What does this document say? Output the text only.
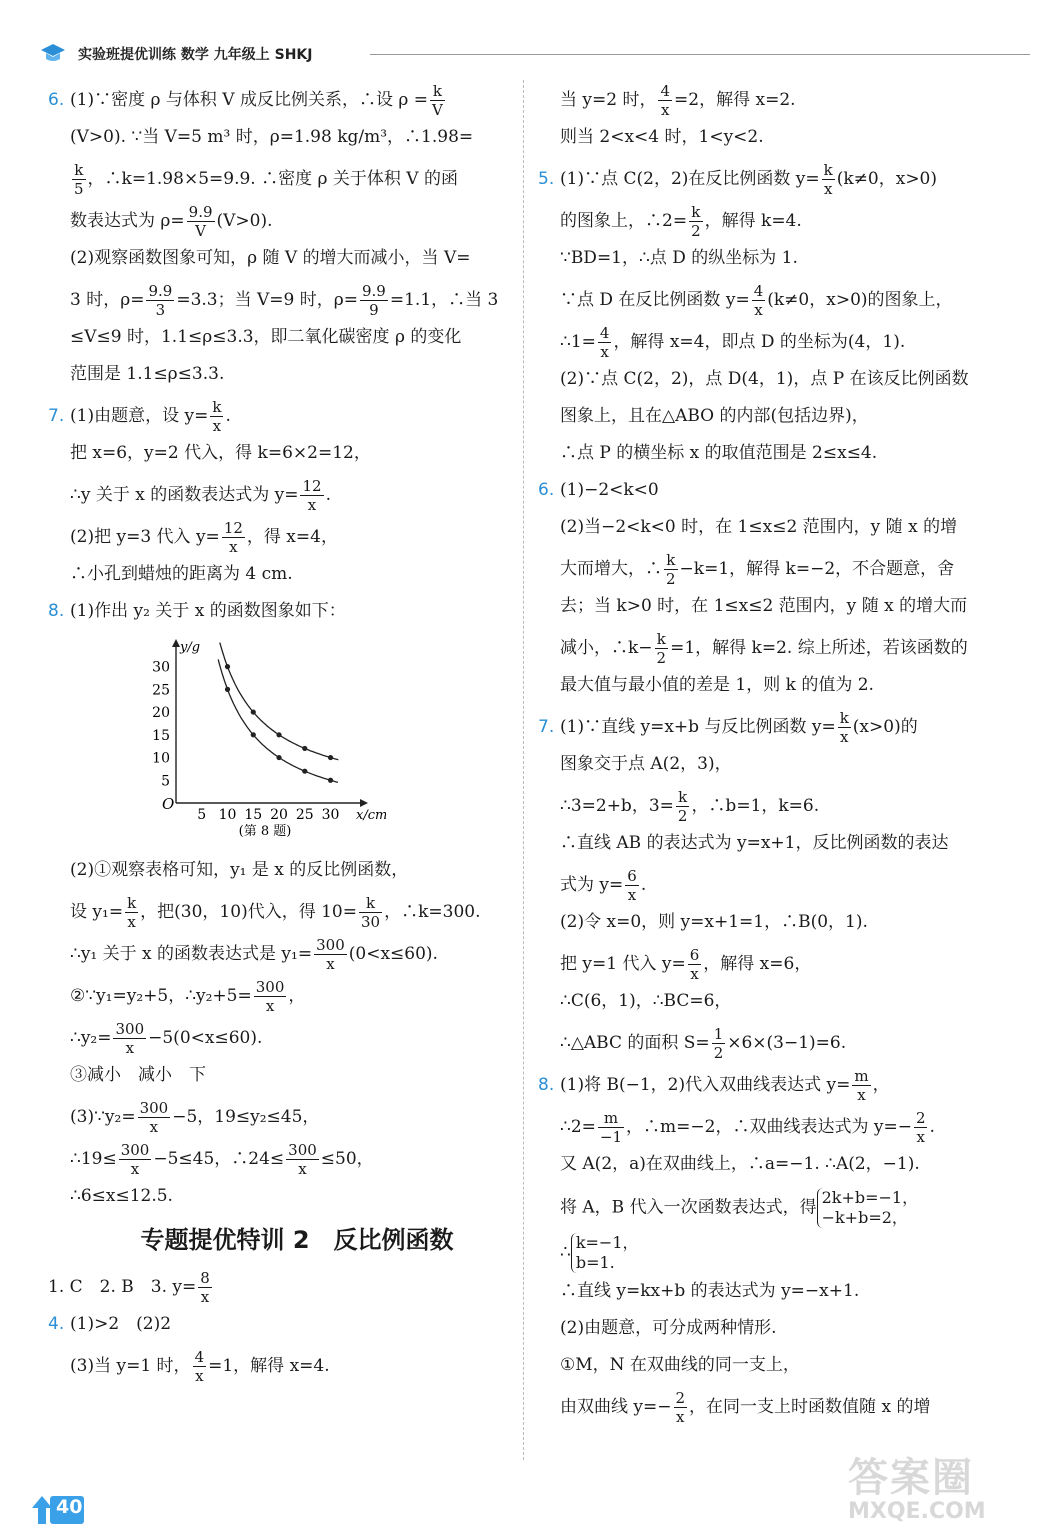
实验班提优训练 数学 九年级上 SHKJ
6. (1)∵密度 ρ 与体积 V 成反比例关系，∴设 $\rho = \frac{k}{V}$
(V>0). ∵当 V=5 m³ 时，ρ=1.98 kg/m³，∴1.98=
$\frac{k}{5}$ ，∴k=1.98×5=9.9. ∴密度 ρ 关于体积 V 的函
数表达式为 $\rho= \frac{9.9}{V} (V>0)$.
(2)观察函数图象可知，ρ 随 V 的增大而减小，当 V=
3 时，$\rho= \frac{9.9}{3} =3.3$；当 V=9 时，$\rho= \frac{9.9}{9} =1.1$，∴当 3
≤V≤9 时，1.1≤ρ≤3.3，即二氧化碳密度 ρ 的变化
范围是 1.1≤ρ≤3.3.
7. (1)由题意，设 $y= \frac{k}{x}$ .
把 x=6，y=2 代入，得 k=6×2=12，
∴y 关于 x 的函数表达式为 $y= \frac{12}{x}$ .
(2)把 y=3 代入 $y= \frac{12}{x}$ ，得 x=4，
∴小孔到蜡烛的距离为 4 cm.
8. (1)作出 y₂ 关于 x 的函数图象如下：
O
5 10 15 20 25 30
5
10
15
20
25
30
x/cm
y/g
(第 8 题)
(2)①观察表格可知，y₁ 是 x 的反比例函数，
设 $y_1= \frac{k}{x}$ ，把(30，10)代入，得 $10= \frac{k}{30}$ ，∴k=300.
∴y₁ 关于 x 的函数表达式是 $y_1= \frac{300}{x} (0<x\le 60)$.
②∵y₁=y₂+5，∴y₂+5= $\frac{300}{x}$ ，
∴y₂= $\frac{300}{x} -5(0<x\le 60)$.
③减小　减小　下
(3)∵y₂= $\frac{300}{x} -5$，19≤y₂≤45，
∴19≤ $\frac{300}{x} -5\le 45$，∴24≤ $\frac{300}{x} \le 50$，
∴6≤x≤12.5.
专题提优特训 2　反比例函数
1. C　2. B　3. $y= \frac{8}{x}$
4. (1)>2　(2)2
(3)当 y=1 时， $\frac{4}{x} =1$，解得 x=4.
当 y=2 时， $\frac{4}{x} =2$，解得 x=2.
则当 2<x<4 时，1<y<2.
5. (1)∵点 C(2，2)在反比例函数 $y= \frac{k}{x} (k\ne 0$，x>0)
的图象上，∴2= $\frac{k}{2}$ ，解得 k=4.
∵BD=1，∴点 D 的纵坐标为 1.
∵点 D 在反比例函数 $y= \frac{4}{x} (k\ne 0$，x>0)的图象上，
∴1= $\frac{4}{x}$ ，解得 x=4，即点 D 的坐标为(4，1).
(2)∵点 C(2，2)，点 D(4，1)，点 P 在该反比例函数
图象上，且在△ABO 的内部(包括边界)，
∴点 P 的横坐标 x 的取值范围是 2≤x≤4.
6. (1)−2<k<0
(2)当−2<k<0 时，在 1≤x≤2 范围内，y 随 x 的增
大而增大，∴ $\frac{k}{2} -k=1$，解得 k=−2，不合题意，舍
去；当 k>0 时，在 1≤x≤2 范围内，y 随 x 的增大而
减小，∴k− $\frac{k}{2} =1$，解得 k=2. 综上所述，若该函数的
最大值与最小值的差是 1，则 k 的值为 2.
7. (1)∵直线 y=x+b 与反比例函数 $y= \frac{k}{x} (x>0)$的
图象交于点 A(2，3)，
∴3=2+b，$3= \frac{k}{2}$ ，∴b=1，k=6.
∴直线 AB 的表达式为 y=x+1，反比例函数的表达
式为 $y= \frac{6}{x}$ .
(2)令 x=0，则 y=x+1=1，∴B(0，1).
把 y=1 代入 $y= \frac{6}{x}$ ，解得 x=6，
∴C(6，1)，∴BC=6，
∴△ABC 的面积 $S= \frac{1}{2} \times 6\times(3-1)=6$.
8. (1)将 B(−1，2)代入双曲线表达式 $y= \frac{m}{x}$ ，
∴2= $\frac{m}{-1}$ ，∴m=−2，∴双曲线表达式为 $y=- \frac{2}{x}$ .
又 A(2，a)在双曲线上，∴a=−1. ∴A(2，−1).
将 A，B 代入一次函数表达式，得 2k+b=−1，
−k+b=2，
∴ k=−1，
b=1.
∴直线 y=kx+b 的表达式为 y=−x+1.
(2)由题意，可分成两种情形.
①M，N 在双曲线的同一支上，
由双曲线 $y=- \frac{2}{x}$ ，在同一支上时函数值随 x 的增
40
答案圈
MXQE.COM
